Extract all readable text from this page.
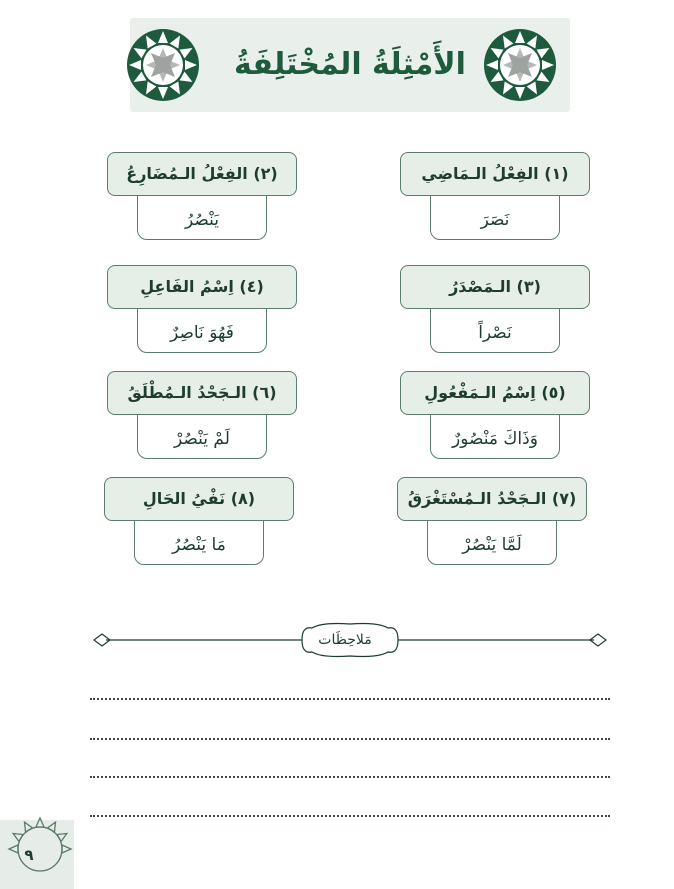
الأَمْثِلَةُ المُخْتَلِفَةُ
نَصَرَ
(١) الفِعْلُ الـمَاضِي
يَنْصُرُ
(٢) الفِعْلُ الـمُضَارِعُ
نَصْراً
(٣) الـمَصْدَرُ
فَهُوَ نَاصِرٌ
(٤) اِسْمُ الفَاعِلِ
وَذَاكَ مَنْصُورٌ
(٥) اِسْمُ الـمَفْعُولِ
لَمْ يَنْصُرْ
(٦) الـجَحْدُ الـمُطْلَقُ
لَمَّا يَنْصُرْ
(٧) الـجَحْدُ الـمُسْتَغْرَقُ
مَا يَنْصُرُ
(٨) نَفْيُ الحَالِ
مَلاحِظَات
٩
